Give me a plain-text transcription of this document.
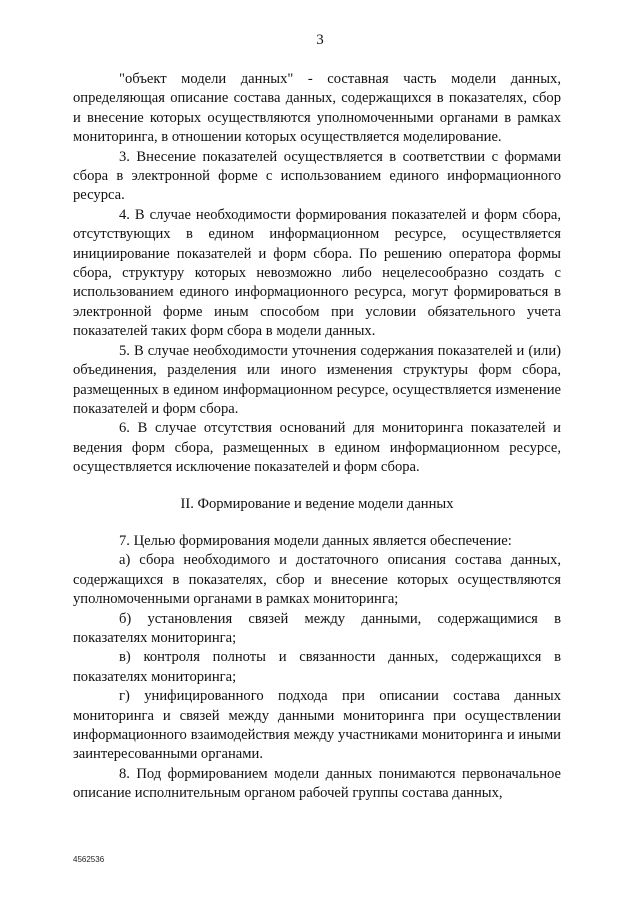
3

"объект модели данных" - составная часть модели данных, определяющая описание состава данных, содержащихся в показателях, сбор и внесение которых осуществляются уполномоченными органами в рамках мониторинга, в отношении которых осуществляется моделирование.

3. Внесение показателей осуществляется в соответствии с формами сбора в электронной форме с использованием единого информационного ресурса.

4. В случае необходимости формирования показателей и форм сбора, отсутствующих в едином информационном ресурсе, осуществляется инициирование показателей и форм сбора. По решению оператора формы сбора, структуру которых невозможно либо нецелесообразно создать с использованием единого информационного ресурса, могут формироваться в электронной форме иным способом при условии обязательного учета показателей таких форм сбора в модели данных.

5. В случае необходимости уточнения содержания показателей и (или) объединения, разделения или иного изменения структуры форм сбора, размещенных в едином информационном ресурсе, осуществляется изменение показателей и форм сбора.

6. В случае отсутствия оснований для мониторинга показателей и ведения форм сбора, размещенных в едином информационном ресурсе, осуществляется исключение показателей и форм сбора.

II. Формирование и ведение модели данных

7. Целью формирования модели данных является обеспечение:

а) сбора необходимого и достаточного описания состава данных, содержащихся в показателях, сбор и внесение которых осуществляются уполномоченными органами в рамках мониторинга;

б) установления связей между данными, содержащимися в показателях мониторинга;

в) контроля полноты и связанности данных, содержащихся в показателях мониторинга;

г) унифицированного подхода при описании состава данных мониторинга и связей между данными мониторинга при осуществлении информационного взаимодействия между участниками мониторинга и иными заинтересованными органами.

8. Под формированием модели данных понимаются первоначальное описание исполнительным органом рабочей группы состава данных,

4562536
